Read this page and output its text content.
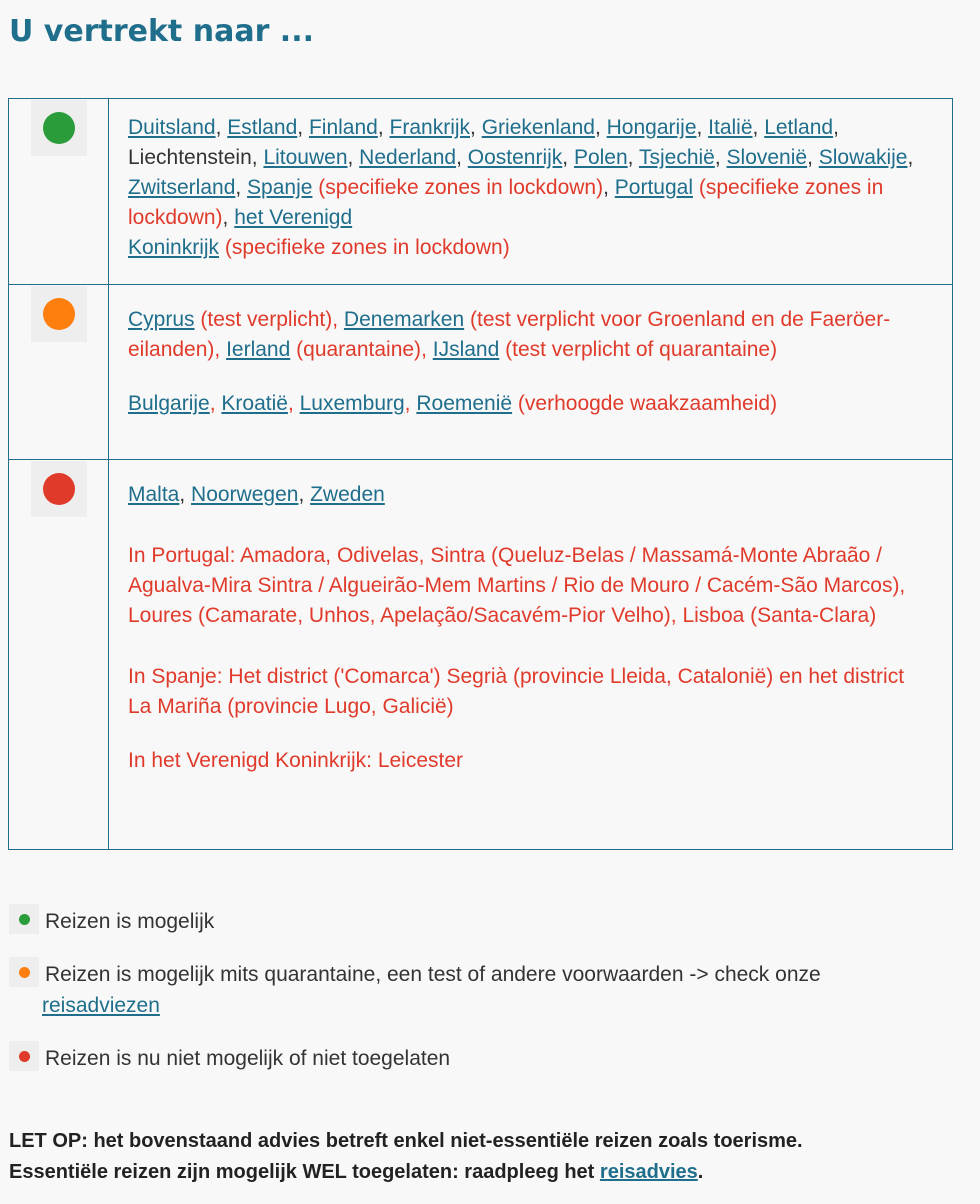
U vertrekt naar ...

	Duitsland, Estland, Finland, Frankrijk, Griekenland, Hongarije, Italië, Letland, Liechtenstein, Litouwen, Nederland, Oostenrijk, Polen, Tsjechië, Slovenië, Slowakije, Zwitserland, Spanje (specifieke zones in lockdown), Portugal (specifieke zones in lockdown), het Verenigd
Koninkrijk (specifieke zones in lockdown)

	Cyprus (test verplicht), Denemarken (test verplicht voor Groenland en de Faeröer-eilanden), Ierland (quarantaine), IJsland (test verplicht of quarantaine)

Bulgarije, Kroatië, Luxemburg, Roemenië (verhoogde waakzaamheid)

	Malta, Noorwegen, Zweden

In Portugal: Amadora, Odivelas, Sintra (Queluz-Belas / Massamá-Monte Abraão / Agualva-Mira Sintra / Algueirão-Mem Martins / Rio de Mouro / Cacém-São Marcos), Loures (Camarate, Unhos, Apelação/Sacavém-Pior Velho), Lisboa (Santa-Clara)

In Spanje: Het district ('Comarca') Segrià (provincie Lleida, Catalonië) en het district La Mariña (provincie Lugo, Galicië)

In het Verenigd Koninkrijk: Leicester

Reizen is mogelijk
Reizen is mogelijk mits quarantaine, een test of andere voorwaarden -> check onze
reisadviezen
Reizen is nu niet mogelijk of niet toegelaten
LET OP: het bovenstaand advies betreft enkel niet-essentiële reizen zoals toerisme.
Essentiële reizen zijn mogelijk WEL toegelaten: raadpleeg het reisadvies.
